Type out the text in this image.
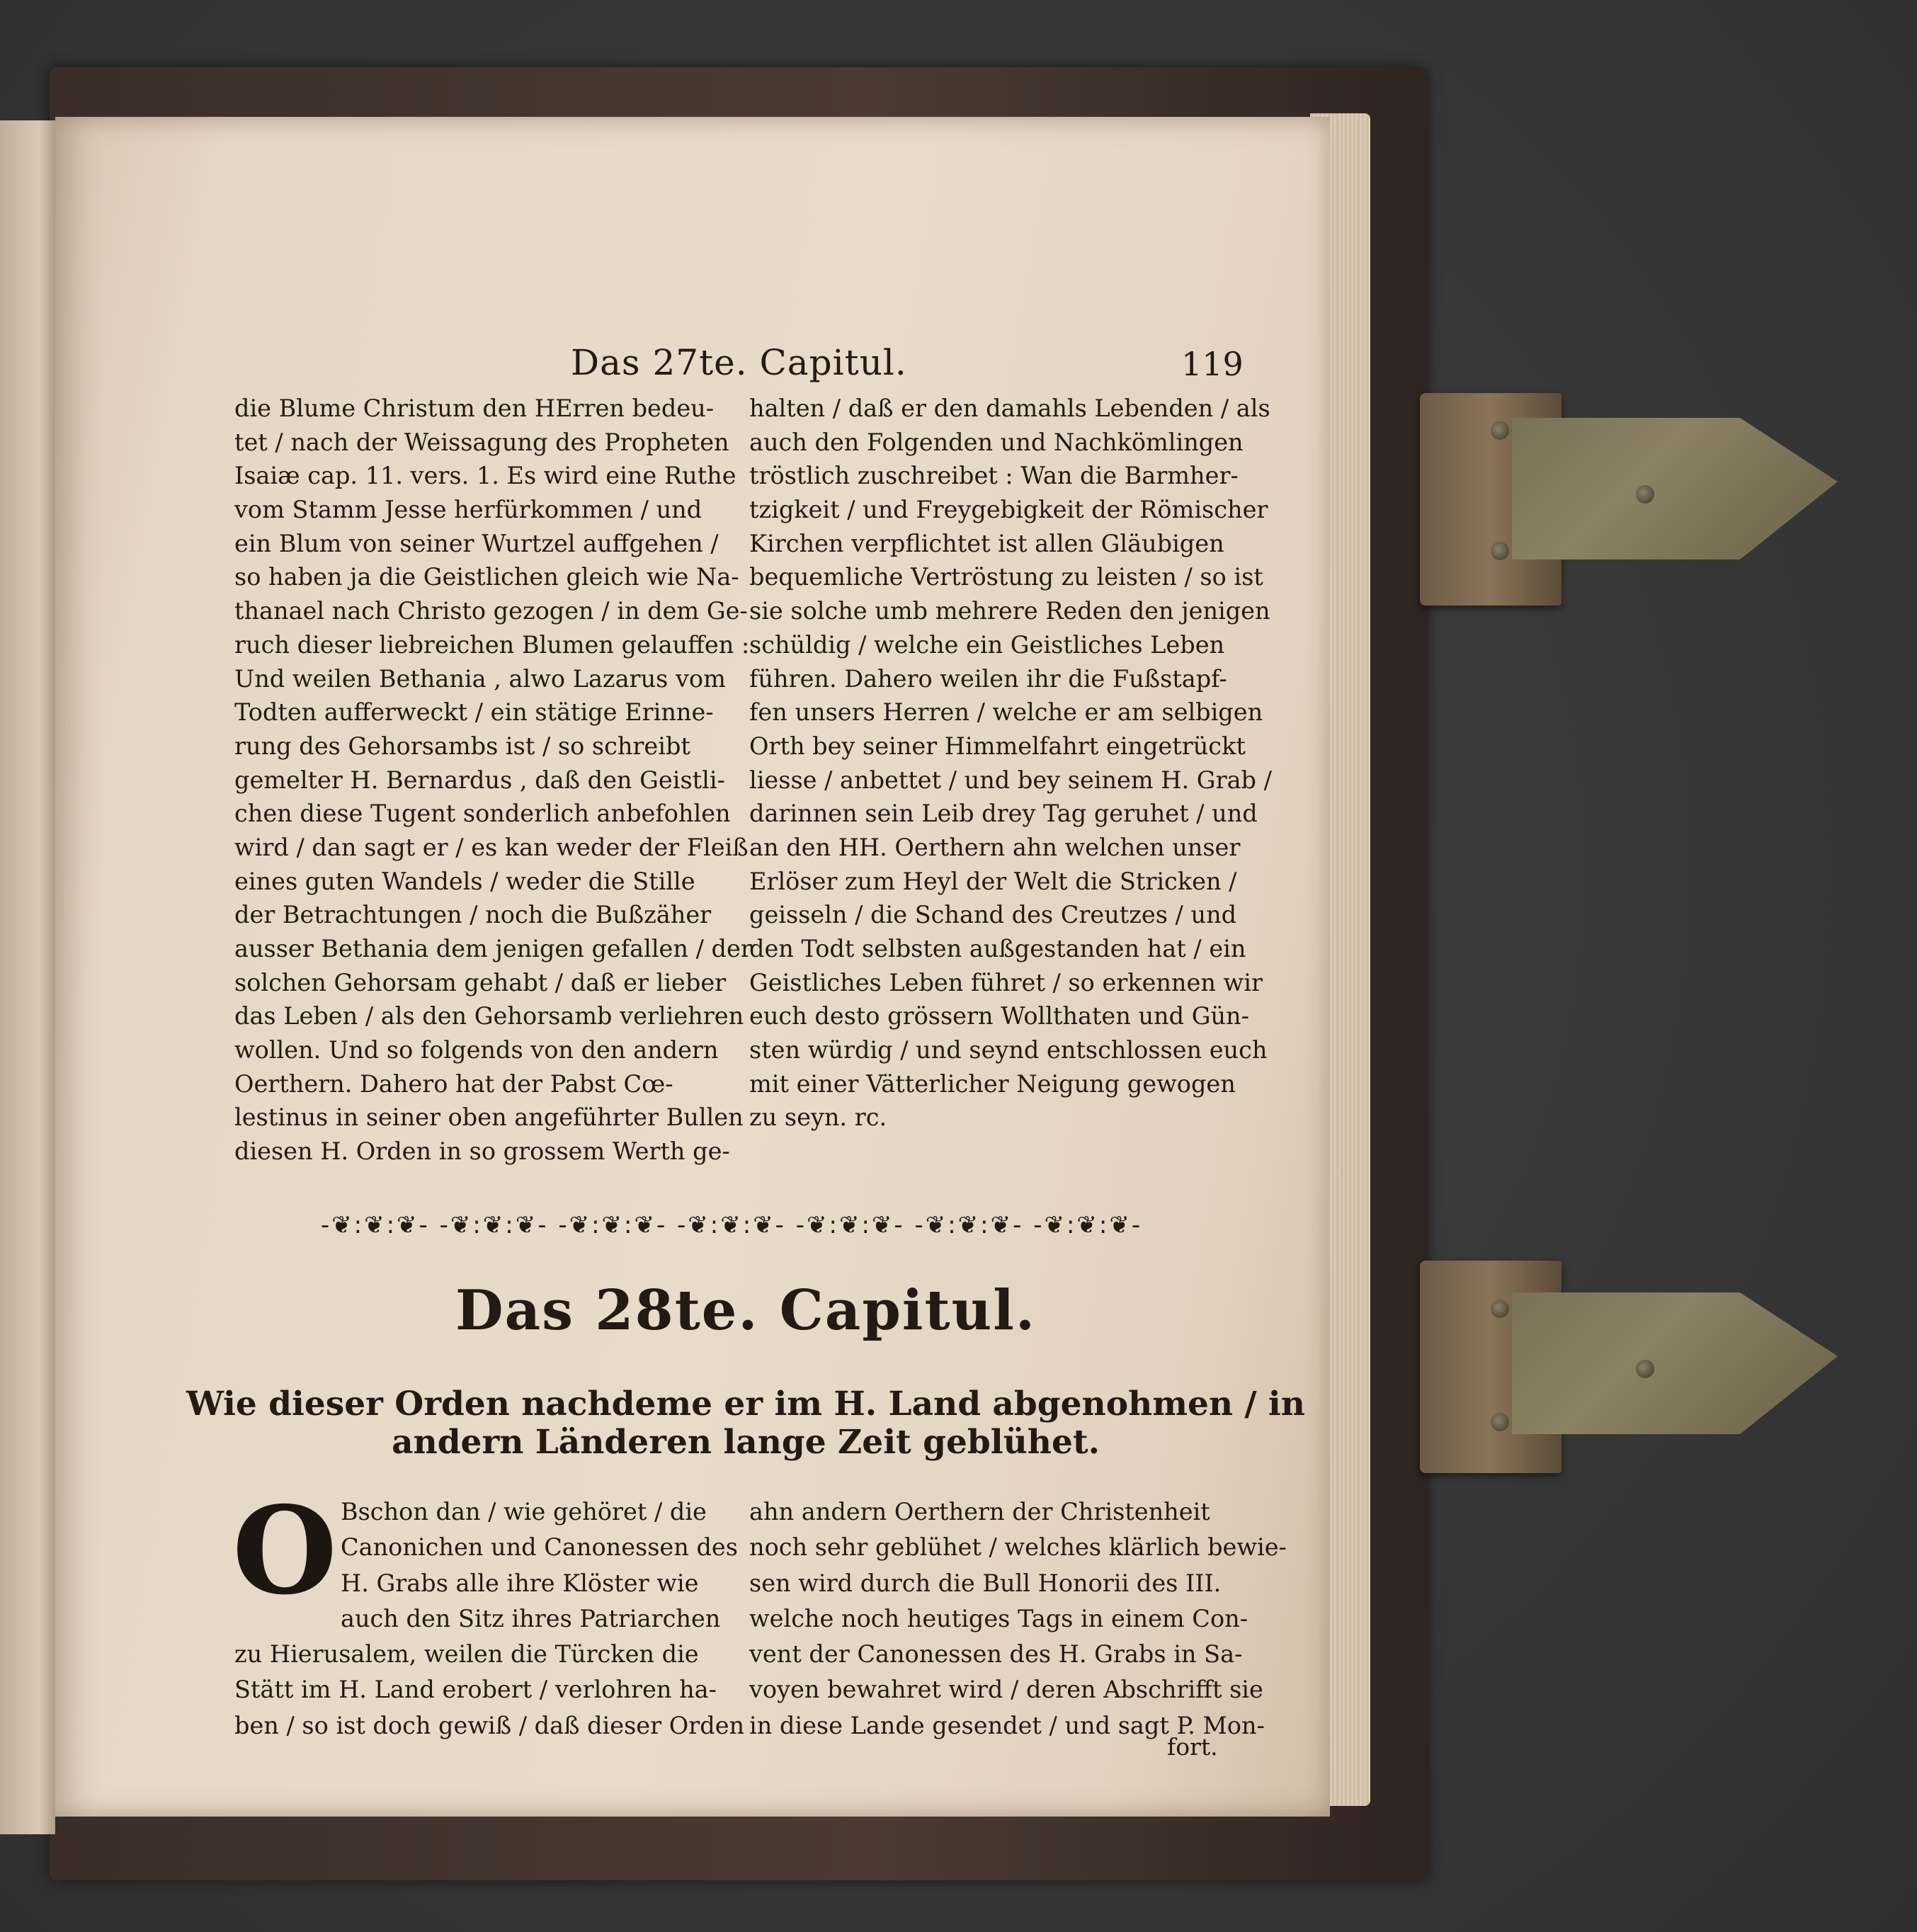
Das 27te. Capitul.	119
die Blume Christum den HErren bedeu-
tet / nach der Weissagung des Propheten
Isaiæ cap. 11. vers. 1. Es wird eine Ruthe
vom Stamm Jesse herfürkommen / und
ein Blum von seiner Wurtzel auffgehen /
so haben ja die Geistlichen gleich wie Na-
thanael nach Christo gezogen / in dem Ge-
ruch dieser liebreichen Blumen gelauffen :
Und weilen Bethania , alwo Lazarus vom
Todten aufferweckt / ein stätige Erinne-
rung des Gehorsambs ist / so schreibt
gemelter H. Bernardus , daß den Geistli-
chen diese Tugent sonderlich anbefohlen
wird / dan sagt er / es kan weder der Fleiß
eines guten Wandels / weder die Stille
der Betrachtungen / noch die Bußzäher
ausser Bethania dem jenigen gefallen / der
solchen Gehorsam gehabt / daß er lieber
das Leben / als den Gehorsamb verliehren
wollen. Und so folgends von den andern
Oerthern. Dahero hat der Pabst Cœ-
lestinus in seiner oben angeführter Bullen
diesen H. Orden in so grossem Werth ge-
halten / daß er den damahls Lebenden / als
auch den Folgenden und Nachkömlingen
tröstlich zuschreibet : Wan die Barmher-
tzigkeit / und Freygebigkeit der Römischer
Kirchen verpflichtet ist allen Gläubigen
bequemliche Vertröstung zu leisten / so ist
sie solche umb mehrere Reden den jenigen
schüldig / welche ein Geistliches Leben
führen. Dahero weilen ihr die Fußstapf-
fen unsers Herren / welche er am selbigen
Orth bey seiner Himmelfahrt eingetrückt
liesse / anbettet / und bey seinem H. Grab /
darinnen sein Leib drey Tag geruhet / und
an den HH. Oerthern ahn welchen unser
Erlöser zum Heyl der Welt die Stricken /
geisseln / die Schand des Creutzes / und
den Todt selbsten außgestanden hat / ein
Geistliches Leben führet / so erkennen wir
euch desto grössern Wollthaten und Gün-
sten würdig / und seynd entschlossen euch
mit einer Vätterlicher Neigung gewogen
zu seyn. rc.
-❦:❦:❦- -❦:❦:❦- -❦:❦:❦- -❦:❦:❦- -❦:❦:❦- -❦:❦:❦- -❦:❦:❦-
Das 28te. Capitul.
Wie dieser Orden nachdeme er im H. Land abgenohmen / in
andern Länderen lange Zeit geblühet.
O Bschon dan / wie gehöret / die
Canonichen und Canonessen des
H. Grabs alle ihre Klöster wie
auch den Sitz ihres Patriarchen
zu Hierusalem, weilen die Türcken die
Stätt im H. Land erobert / verlohren ha-
ben / so ist doch gewiß / daß dieser Orden
ahn andern Oerthern der Christenheit
noch sehr geblühet / welches klärlich bewie-
sen wird durch die Bull Honorii des III.
welche noch heutiges Tags in einem Con-
vent der Canonessen des H. Grabs in Sa-
voyen bewahret wird / deren Abschrifft sie
in diese Lande gesendet / und sagt P. Mon-
fort.
